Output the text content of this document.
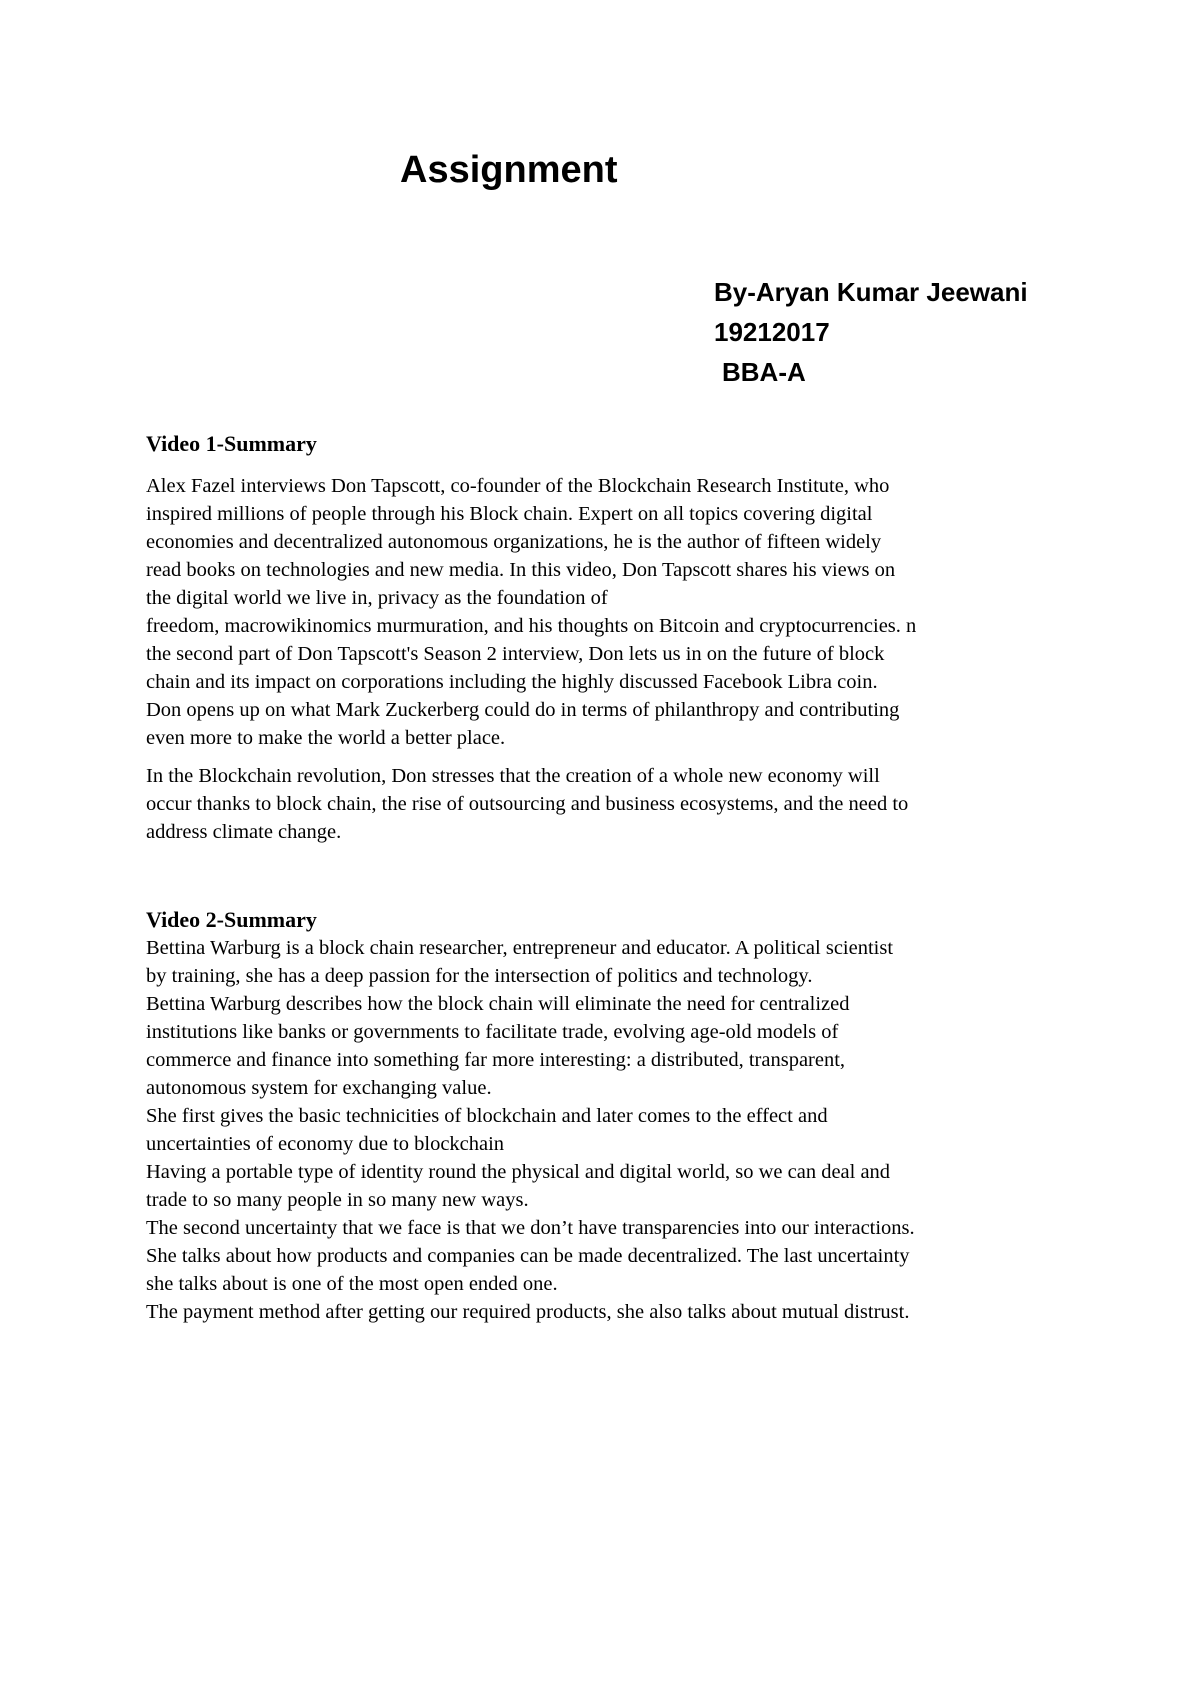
Assignment
By-Aryan Kumar Jeewani
19212017
BBA-A
Video 1-Summary

Alex Fazel interviews Don Tapscott, co-founder of the Blockchain Research Institute, who
inspired millions of people through his Block chain. Expert on all topics covering digital
economies and decentralized autonomous organizations, he is the author of fifteen widely
read books on technologies and new media. In this video, Don Tapscott shares his views on
the digital world we live in, privacy as the foundation of
freedom, macrowikinomics murmuration, and his thoughts on Bitcoin and cryptocurrencies. n
the second part of Don Tapscott's Season 2 interview, Don lets us in on the future of block
chain and its impact on corporations including the highly discussed Facebook Libra coin.
Don opens up on what Mark Zuckerberg could do in terms of philanthropy and contributing
even more to make the world a better place.

In the Blockchain revolution, Don stresses that the creation of a whole new economy will
occur thanks to block chain, the rise of outsourcing and business ecosystems, and the need to
address climate change.

Video 2-Summary

Bettina Warburg is a block chain researcher, entrepreneur and educator. A political scientist
by training, she has a deep passion for the intersection of politics and technology.
Bettina Warburg describes how the block chain will eliminate the need for centralized
institutions like banks or governments to facilitate trade, evolving age-old models of
commerce and finance into something far more interesting: a distributed, transparent,
autonomous system for exchanging value.
She first gives the basic technicities of blockchain and later comes to the effect and
uncertainties of economy due to blockchain
Having a portable type of identity round the physical and digital world, so we can deal and
trade to so many people in so many new ways.
The second uncertainty that we face is that we don’t have transparencies into our interactions.
She talks about how products and companies can be made decentralized. The last uncertainty
she talks about is one of the most open ended one.
The payment method after getting our required products, she also talks about mutual distrust.
